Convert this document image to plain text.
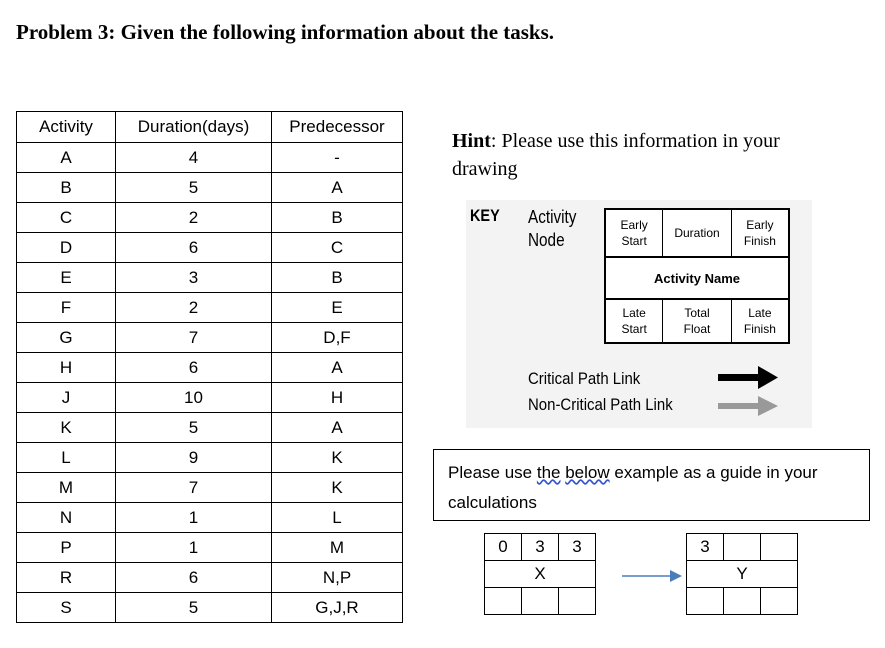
Problem 3: Given the following information about the tasks.
Activity	Duration(days)	Predecessor
A	4	-
B	5	A
C	2	B
D	6	C
E	3	B
F	2	E
G	7	D,F
H	6	A
J	10	H
K	5	A
L	9	K
M	7	K
N	1	L
P	1	M
R	6	N,P
S	5	G,J,R
Hint: Please use this information in your drawing
KEY Activity
Node
Early
Start
Duration
Early
Finish
Activity Name
Late
Start
Total
Float
Late
Finish
Critical Path Link
Non-Critical Path Link
Please use the below example as a guide in your calculations
0	3	3
X		

3		
Y		
